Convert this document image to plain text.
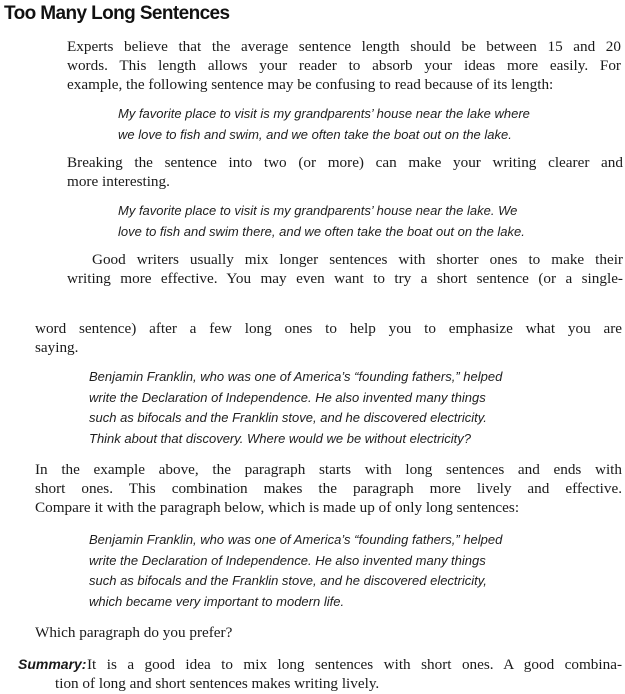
Too Many Long Sentences

Experts believe that the average sentence length should be between 15 and 20
words. This length allows your reader to absorb your ideas more easily. For
example, the following sentence may be confusing to read because of its length:

My favorite place to visit is my grandparents’ house near the lake where
we love to fish and swim, and we often take the boat out on the lake.

Breaking the sentence into two (or more) can make your writing clearer and
more interesting.

My favorite place to visit is my grandparents’ house near the lake. We
love to fish and swim there, and we often take the boat out on the lake.

Good writers usually mix longer sentences with shorter ones to make their
writing more effective. You may even want to try a short sentence (or a single-

word sentence) after a few long ones to help you to emphasize what you are
saying.

Benjamin Franklin, who was one of America’s “founding fathers,” helped
write the Declaration of Independence. He also invented many things
such as bifocals and the Franklin stove, and he discovered electricity.
Think about that discovery. Where would we be without electricity?

In the example above, the paragraph starts with long sentences and ends with
short ones. This combination makes the paragraph more lively and effective.
Compare it with the paragraph below, which is made up of only long sentences:

Benjamin Franklin, who was one of America’s “founding fathers,” helped
write the Declaration of Independence. He also invented many things
such as bifocals and the Franklin stove, and he discovered electricity,
which became very important to modern life.

Which paragraph do you prefer?

Summary: It is a good idea to mix long sentences with short ones. A good combina-
tion of long and short sentences makes writing lively.
